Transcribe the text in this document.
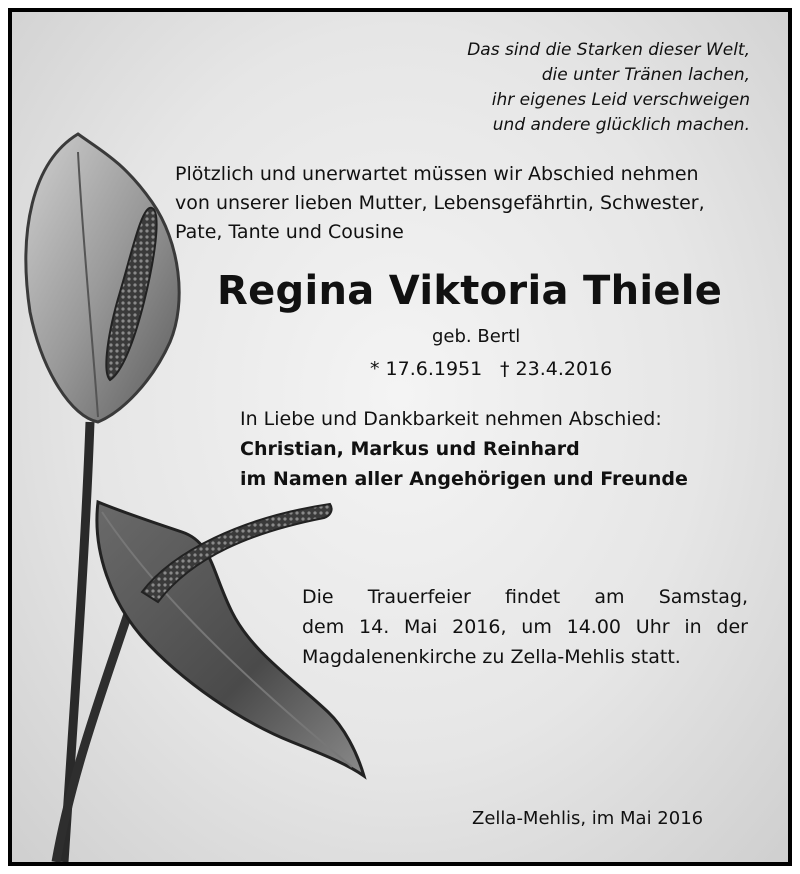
Das sind die Starken dieser Welt,
die unter Tränen lachen,
ihr eigenes Leid verschweigen
und andere glücklich machen.
Plötzlich und unerwartet müssen wir Abschied nehmen
von unserer lieben Mutter, Lebensgefährtin, Schwester,
Pate, Tante und Cousine
Regina Viktoria Thiele
geb. Bertl
* 17.6.1951 † 23.4.2016
In Liebe und Dankbarkeit nehmen Abschied:
Christian, Markus und Reinhard
im Namen aller Angehörigen und Freunde
Die Trauerfeier findet am Samstag,
dem 14. Mai 2016, um 14.00 Uhr in der
Magdalenenkirche zu Zella-Mehlis statt.
Zella-Mehlis, im Mai 2016
